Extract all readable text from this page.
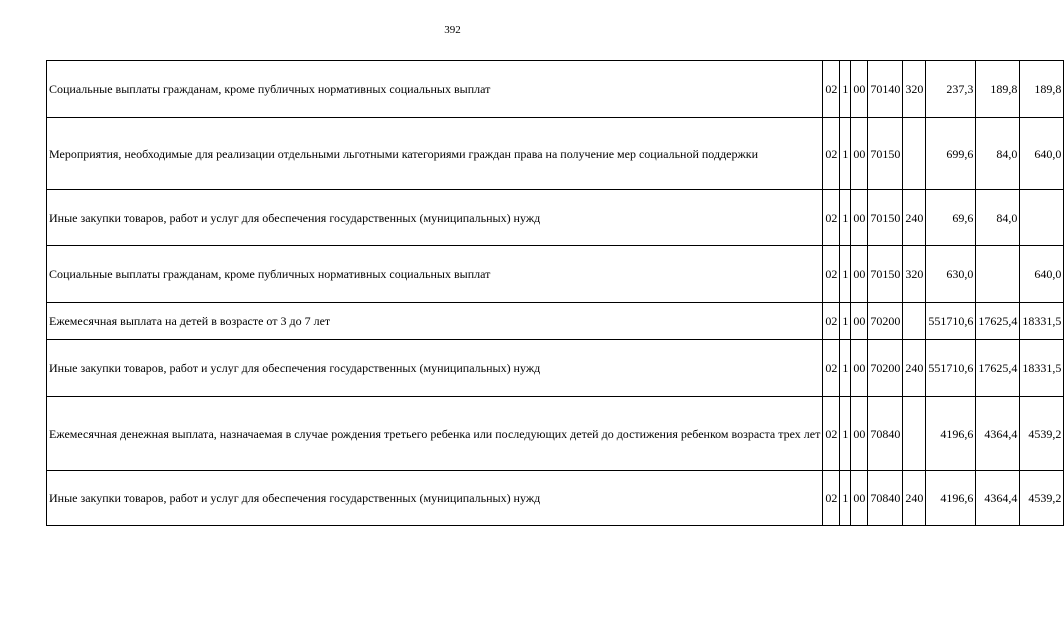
392
Социальные выплаты гражданам, кроме публичных нормативных социальных выплат	02	1	00	70140	320	237,3	189,8	189,8
Мероприятия, необходимые для реализации отдельными льготными категориями граждан права на получение мер социальной поддержки	02	1	00	70150		699,6	84,0	640,0
Иные закупки товаров, работ и услуг для обеспечения государственных (муниципальных) нужд	02	1	00	70150	240	69,6	84,0	
Социальные выплаты гражданам, кроме публичных нормативных социальных выплат	02	1	00	70150	320	630,0		640,0
Ежемесячная выплата на детей в возрасте от 3 до 7 лет	02	1	00	70200		551710,6	17625,4	18331,5
Иные закупки товаров, работ и услуг для обеспечения государственных (муниципальных) нужд	02	1	00	70200	240	551710,6	17625,4	18331,5
Ежемесячная денежная выплата, назначаемая в случае рождения третьего ребенка или последующих детей до достижения ребенком возраста трех лет	02	1	00	70840		4196,6	4364,4	4539,2
Иные закупки товаров, работ и услуг для обеспечения государственных (муниципальных) нужд	02	1	00	70840	240	4196,6	4364,4	4539,2
